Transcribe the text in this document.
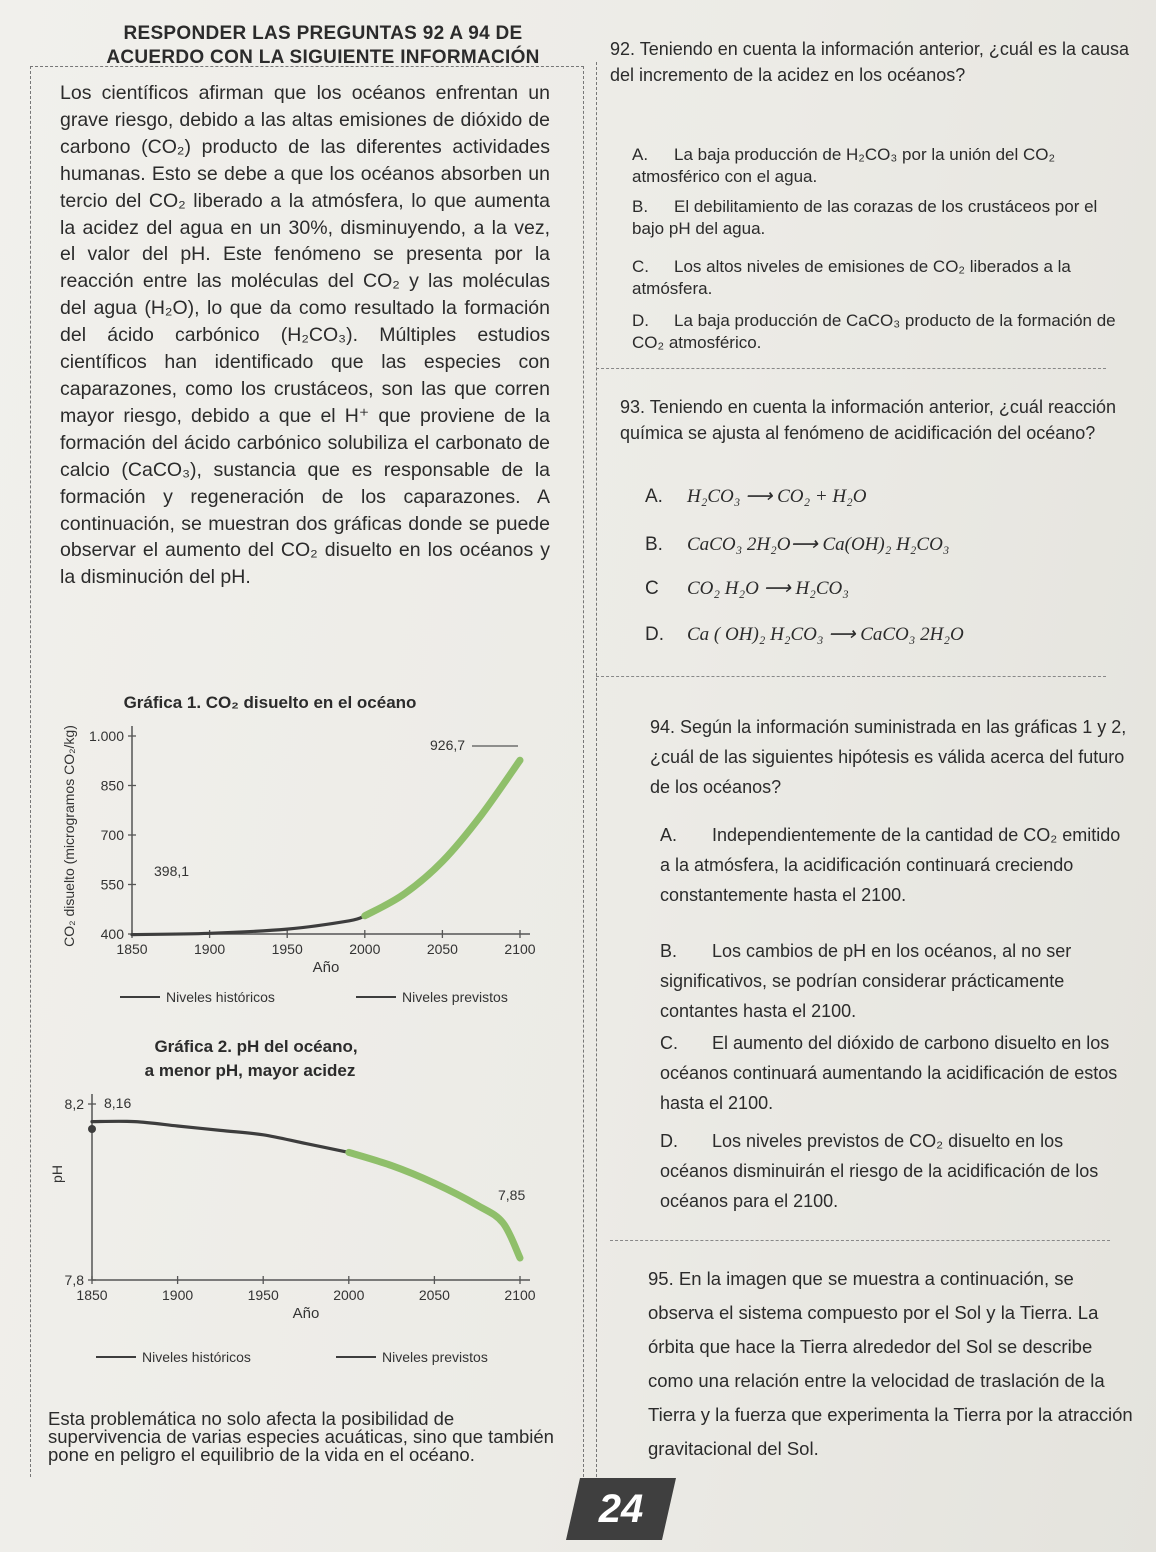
RESPONDER LAS PREGUNTAS 92 A 94 DE ACUERDO CON LA SIGUIENTE INFORMACIÓN
Los científicos afirman que los océanos enfrentan un grave riesgo, debido a las altas emisiones de dióxido de carbono (CO₂) producto de las diferentes actividades humanas. Esto se debe a que los océanos absorben un tercio del CO₂ liberado a la atmósfera, lo que aumenta la acidez del agua en un 30%, disminuyendo, a la vez, el valor del pH. Este fenómeno se presenta por la reacción entre las moléculas del CO₂ y las moléculas del agua (H₂O), lo que da como resultado la formación del ácido carbónico (H₂CO₃). Múltiples estudios científicos han identificado que las especies con caparazones, como los crustáceos, son las que corren mayor riesgo, debido a que el H⁺ que proviene de la formación del ácido carbónico solubiliza el carbonato de calcio (CaCO₃), sustancia que es responsable de la formación y regeneración de los caparazones. A continuación, se muestran dos gráficas donde se puede observar el aumento del CO₂ disuelto en los océanos y la disminución del pH.
Gráfica 1. CO₂ disuelto en el océano
400
550
700
850
1.000
1850	1900	1950	2000	2050	2100
Año
CO₂ disuelto (microgramos CO₂/kg)	398,1
926,7
Niveles históricos	Niveles previstos
Gráfica 2. pH del océano,
7,8
8,2
1850	1900	1950	2000	2050	2100
Año
pH
8,16
7,85
Niveles históricos	Niveles previstos
a menor pH, mayor acidez
Esta problemática no solo afecta la posibilidad de supervivencia de varias especies acuáticas, sino que también pone en peligro el equilibrio de la vida en el océano.
92. Teniendo en cuenta la información anterior, ¿cuál es la causa del incremento de la acidez en los océanos?
A. La baja producción de H₂CO₃ por la unión del CO₂ atmosférico con el agua.
B. El debilitamiento de las corazas de los crustáceos por el bajo pH del agua.
C. Los altos niveles de emisiones de CO₂ liberados a la atmósfera.
D. La baja producción de CaCO₃ producto de la formación de CO₂ atmosférico.
93. Teniendo en cuenta la información anterior, ¿cuál reacción química se ajusta al fenómeno de acidificación del océano?
A. H₂CO₃ ⟶ CO₂ + H₂O
B. CaCO₃ 2H₂O⟶ Ca(OH)₂ H₂CO₃
C CO₂ H₂O ⟶ H₂CO₃
D. Ca ( OH)₂ H₂CO₃ ⟶ CaCO₃ 2H₂O
94. Según la información suministrada en las gráficas 1 y 2, ¿cuál de las siguientes hipótesis es válida acerca del futuro de los océanos?
A. Independientemente de la cantidad de CO₂ emitido a la atmósfera, la acidificación continuará creciendo constantemente hasta el 2100.
B. Los cambios de pH en los océanos, al no ser significativos, se podrían considerar prácticamente contantes hasta el 2100.
C. El aumento del dióxido de carbono disuelto en los océanos continuará aumentando la acidificación de estos hasta el 2100.
D. Los niveles previstos de CO₂ disuelto en los océanos disminuirán el riesgo de la acidificación de los océanos para el 2100.
95. En la imagen que se muestra a continuación, se observa el sistema compuesto por el Sol y la Tierra. La órbita que hace la Tierra alrededor del Sol se describe como una relación entre la velocidad de traslación de la Tierra y la fuerza que experimenta la Tierra por la atracción gravitacional del Sol.
24
